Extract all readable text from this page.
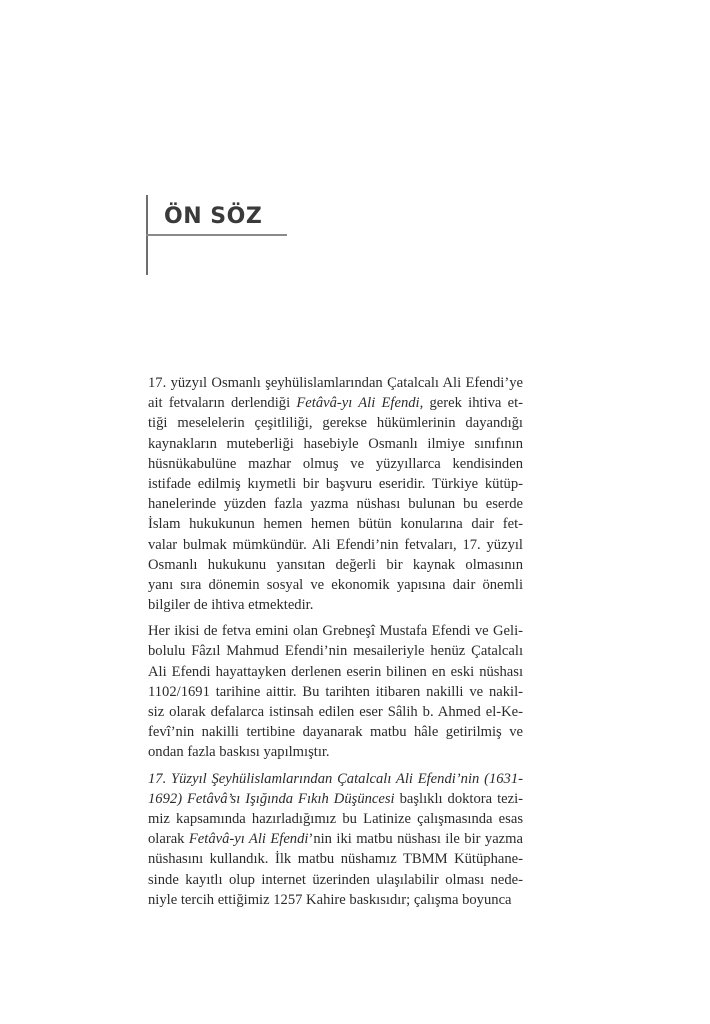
ÖN SÖZ
17. yüzyıl Osmanlı şeyhülislamlarından Çatalcalı Ali Efendi’ye
ait fetvaların derlendiği Fetâvâ-yı Ali Efendi, gerek ihtiva et-
tiği meselelerin çeşitliliği, gerekse hükümlerinin dayandığı
kaynakların muteberliği hasebiyle Osmanlı ilmiye sınıfının
hüsnükabulüne mazhar olmuş ve yüzyıllarca kendisinden
istifade edilmiş kıymetli bir başvuru eseridir. Türkiye kütüp-
hanelerinde yüzden fazla yazma nüshası bulunan bu eserde
İslam hukukunun hemen hemen bütün konularına dair fet-
valar bulmak mümkündür. Ali Efendi’nin fetvaları, 17. yüzyıl
Osmanlı hukukunu yansıtan değerli bir kaynak olmasının
yanı sıra dönemin sosyal ve ekonomik yapısına dair önemli
bilgiler de ihtiva etmektedir.
Her ikisi de fetva emini olan Grebneşî Mustafa Efendi ve Geli-
bolulu Fâzıl Mahmud Efendi’nin mesaileriyle henüz Çatalcalı
Ali Efendi hayattayken derlenen eserin bilinen en eski nüshası
1102/1691 tarihine aittir. Bu tarihten itibaren nakilli ve nakil-
siz olarak defalarca istinsah edilen eser Sâlih b. Ahmed el-Ke-
fevî’nin nakilli tertibine dayanarak matbu hâle getirilmiş ve
ondan fazla baskısı yapılmıştır.
17. Yüzyıl Şeyhülislamlarından Çatalcalı Ali Efendi’nin (1631-
1692) Fetâvâ’sı Işığında Fıkıh Düşüncesi başlıklı doktora tezi-
miz kapsamında hazırladığımız bu Latinize çalışmasında esas
olarak Fetâvâ-yı Ali Efendi’nin iki matbu nüshası ile bir yazma
nüshasını kullandık. İlk matbu nüshamız TBMM Kütüphane-
sinde kayıtlı olup internet üzerinden ulaşılabilir olması nede-
niyle tercih ettiğimiz 1257 Kahire baskısıdır; çalışma boyunca
